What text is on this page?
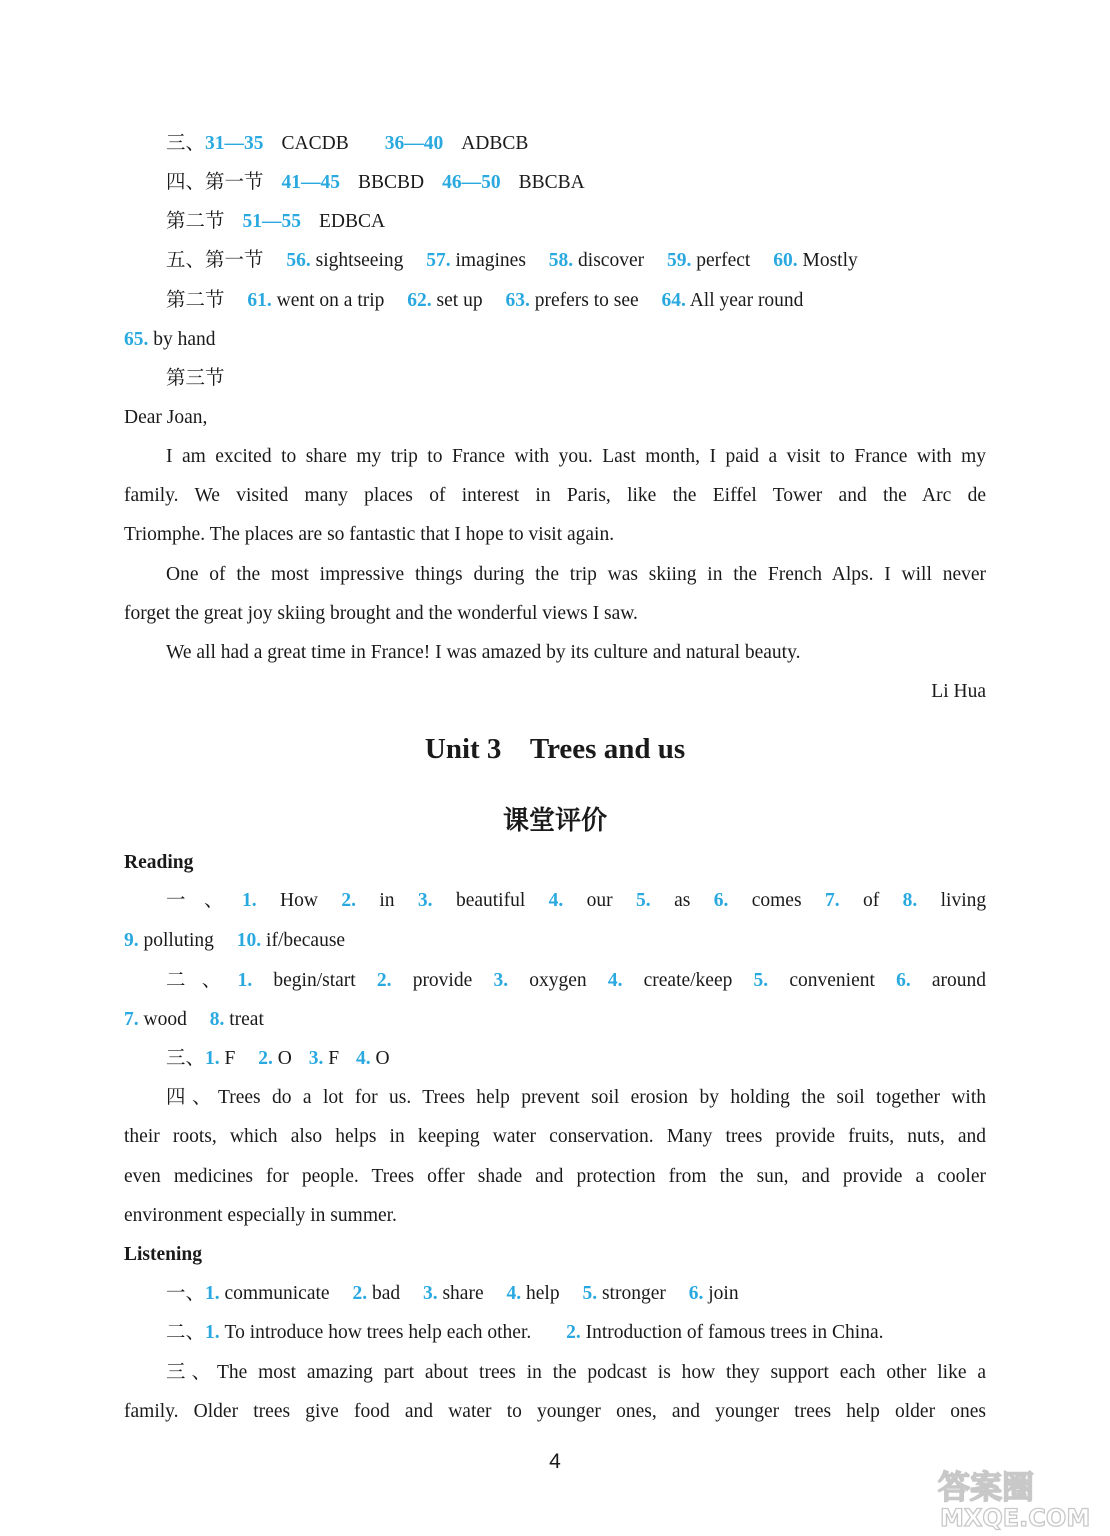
三、31—35 CACDB 36—40 ADBCB
四、第一节 41—45 BBCBD 46—50 BBCBA
第二节 51—55 EDBCA
五、第一节 56. sightseeing 57. imagines 58. discover 59. perfect 60. Mostly
第二节 61. went on a trip 62. set up 63. prefers to see 64. All year round
65. by hand
第三节
Dear Joan,
I am excited to share my trip to France with you. Last month, I paid a visit to France with my
family. We visited many places of interest in Paris, like the Eiffel Tower and the Arc de
Triomphe. The places are so fantastic that I hope to visit again.
One of the most impressive things during the trip was skiing in the French Alps. I will never
forget the great joy skiing brought and the wonderful views I saw.
We all had a great time in France! I was amazed by its culture and natural beauty.
Li Hua
Unit 3    Trees and us
课堂评价
Reading
一、1. How 2. in 3. beautiful 4. our 5. as 6. comes 7. of 8. living
9. polluting 10. if/because
二、1. begin/start 2. provide 3. oxygen 4. create/keep 5. convenient 6. around
7. wood 8. treat
三、1. F 2. O 3. F 4. O
四、Trees do a lot for us. Trees help prevent soil erosion by holding the soil together with
their roots, which also helps in keeping water conservation. Many trees provide fruits, nuts, and
even medicines for people. Trees offer shade and protection from the sun, and provide a cooler
environment especially in summer.
Listening
一、1. communicate 2. bad 3. share 4. help 5. stronger 6. join
二、1. To introduce how trees help each other. 2. Introduction of famous trees in China.
三、The most amazing part about trees in the podcast is how they support each other like a
family. Older trees give food and water to younger ones, and younger trees help older ones
4
答案圈
MXQE.COM
